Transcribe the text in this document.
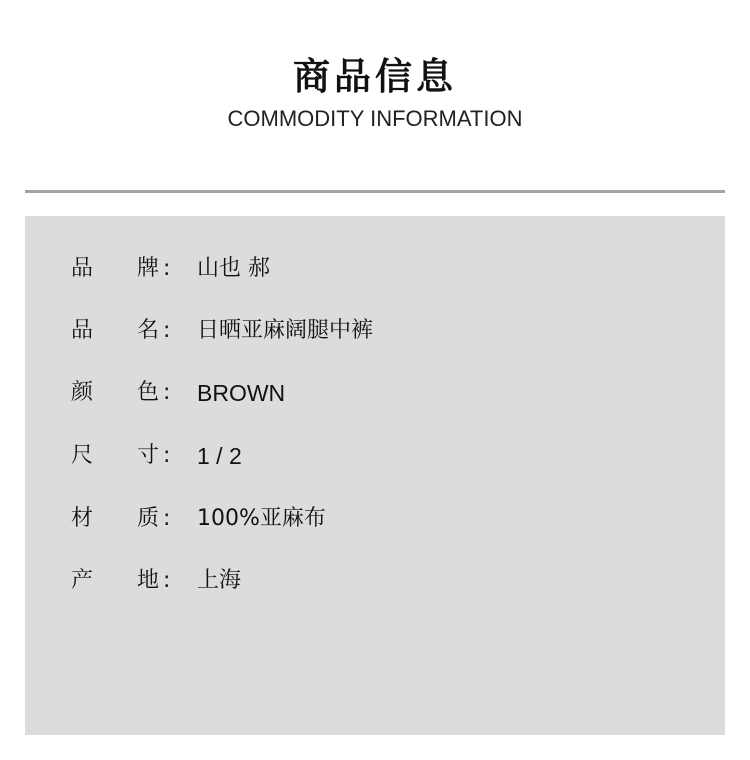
商品信息
COMMODITY INFORMATION
品 牌 : 山也 郝
品 名 : 日晒亚麻阔腿中裤
颜 色 : BROWN
尺 寸 : 1 / 2
材 质 : 100%亚麻布
产 地 : 上海
